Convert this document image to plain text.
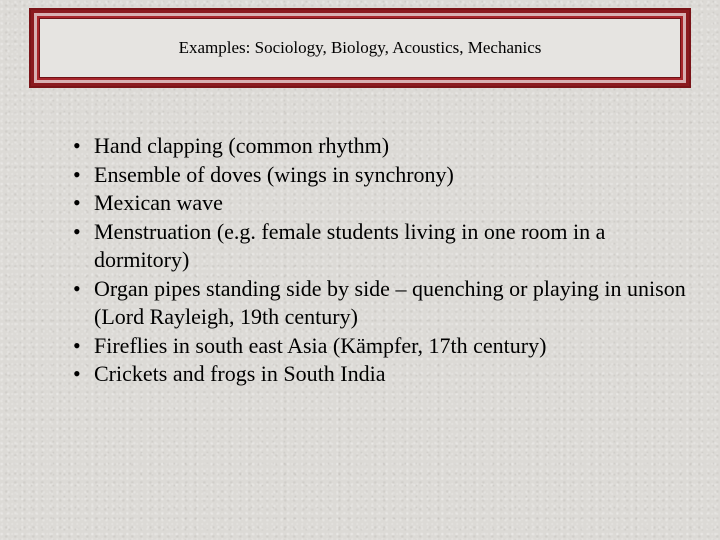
Examples: Sociology, Biology, Acoustics, Mechanics
• Hand clapping (common rhythm)
• Ensemble of doves (wings in synchrony)
• Mexican wave
• Menstruation (e.g. female students living in one room in a dormitory)
• Organ pipes standing side by side – quenching or playing in unison (Lord Rayleigh, 19th century)
• Fireflies in south east Asia (Kämpfer, 17th century)
• Crickets and frogs in South India
